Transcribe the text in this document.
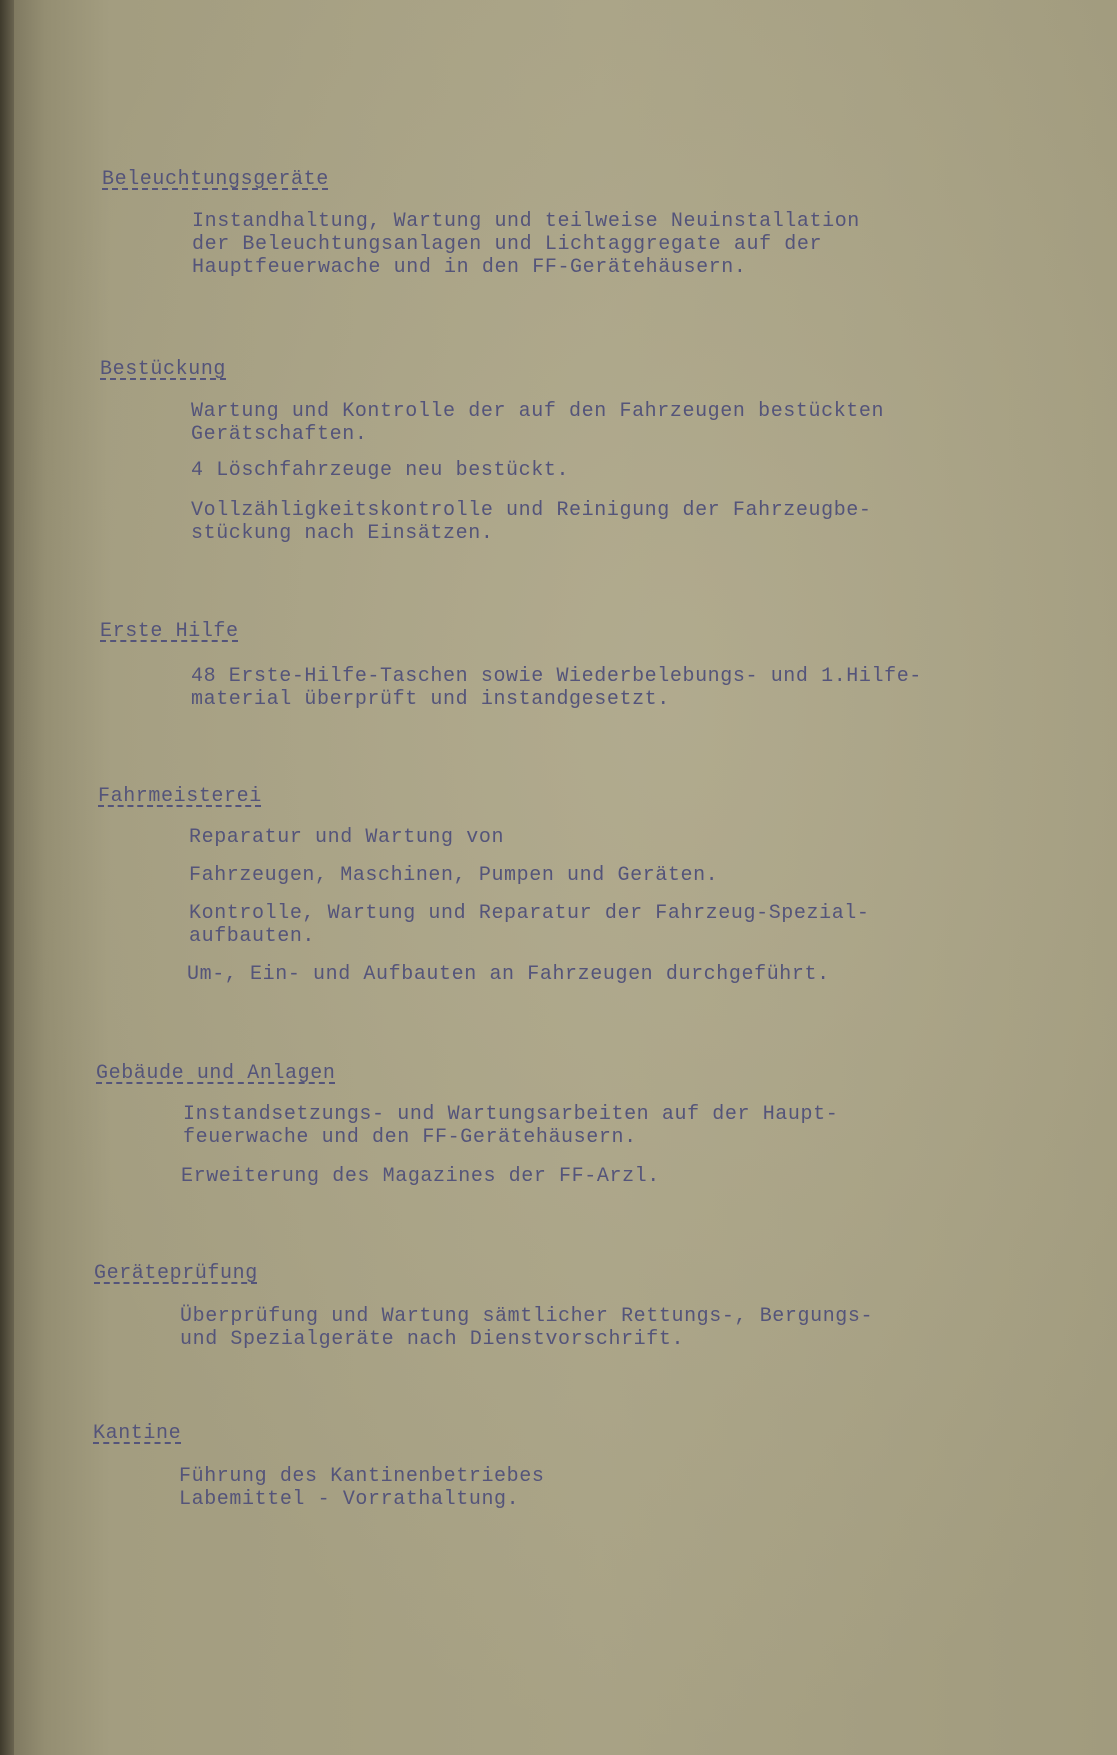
Beleuchtungsgeräte
Instandhaltung, Wartung und teilweise Neuinstallation
der Beleuchtungsanlagen und Lichtaggregate auf der
Hauptfeuerwache und in den FF-Gerätehäusern.
Bestückung
Wartung und Kontrolle der auf den Fahrzeugen bestückten
Gerätschaften.
4 Löschfahrzeuge neu bestückt.
Vollzähligkeitskontrolle und Reinigung der Fahrzeugbe-
stückung nach Einsätzen.
Erste Hilfe
48 Erste-Hilfe-Taschen sowie Wiederbelebungs- und 1.Hilfe-
material überprüft und instandgesetzt.
Fahrmeisterei
Reparatur und Wartung von
Fahrzeugen, Maschinen, Pumpen und Geräten.
Kontrolle, Wartung und Reparatur der Fahrzeug-Spezial-
aufbauten.
Um-, Ein- und Aufbauten an Fahrzeugen durchgeführt.
Gebäude und Anlagen
Instandsetzungs- und Wartungsarbeiten auf der Haupt-
feuerwache und den FF-Gerätehäusern.
Erweiterung des Magazines der FF-Arzl.
Geräteprüfung
Überprüfung und Wartung sämtlicher Rettungs-, Bergungs-
und Spezialgeräte nach Dienstvorschrift.
Kantine
Führung des Kantinenbetriebes
Labemittel - Vorrathaltung.
